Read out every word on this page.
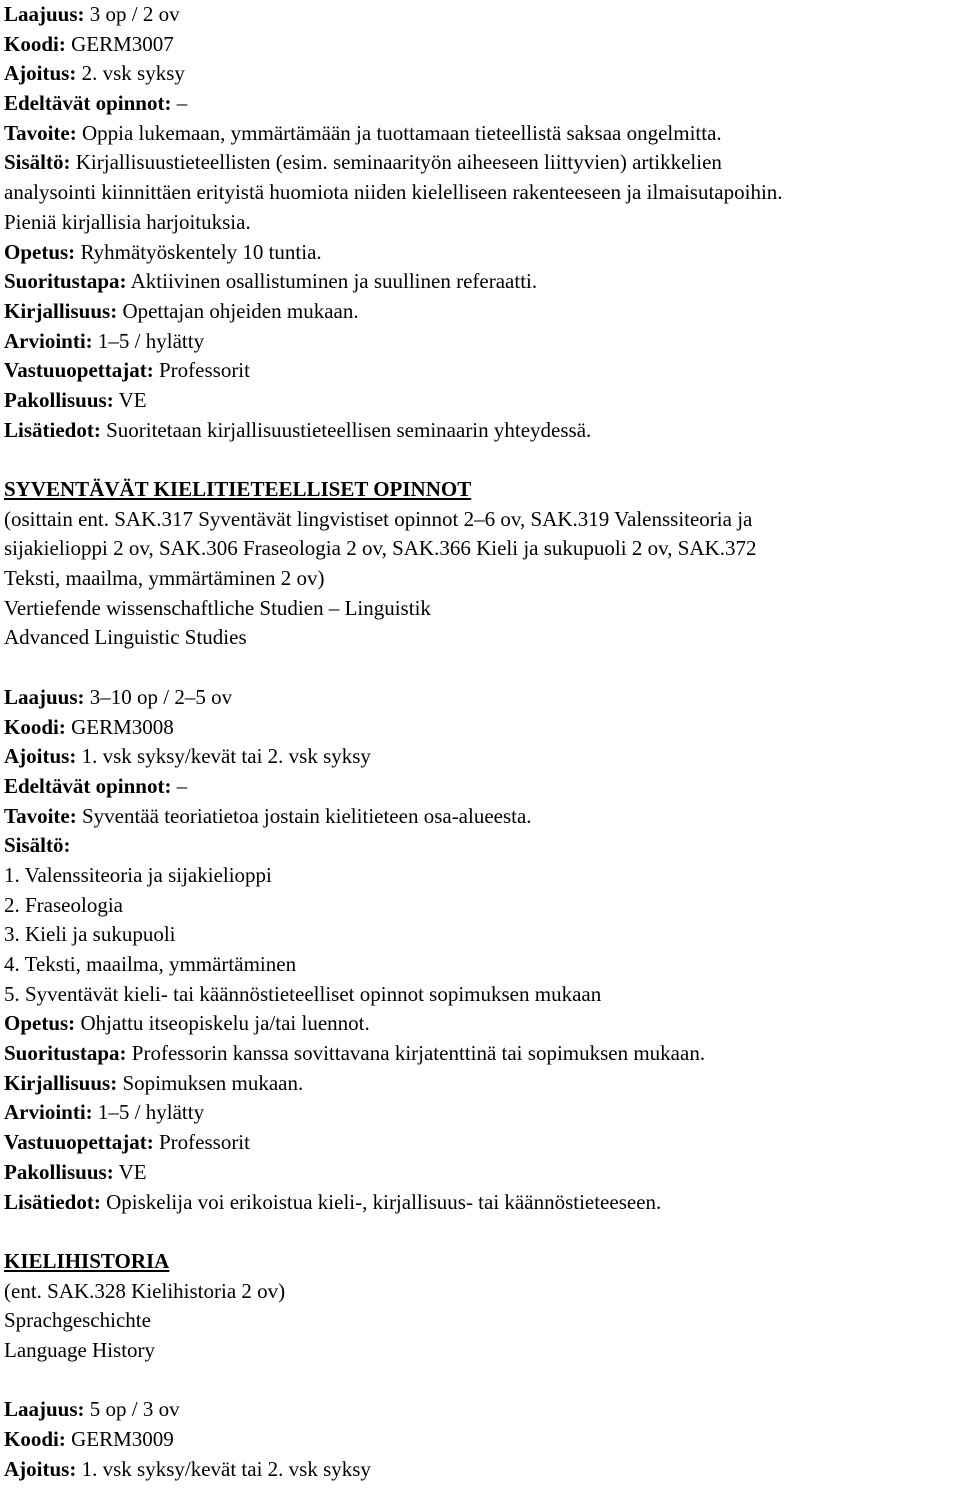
Laajuus: 3 op / 2 ov
Koodi: GERM3007
Ajoitus: 2. vsk syksy
Edeltävät opinnot: –
Tavoite: Oppia lukemaan, ymmärtämään ja tuottamaan tieteellistä saksaa ongelmitta.
Sisältö: Kirjallisuustieteellisten (esim. seminaarityön aiheeseen liittyvien) artikkelien
analysointi kiinnittäen erityistä huomiota niiden kielelliseen rakenteeseen ja ilmaisutapoihin.
Pieniä kirjallisia harjoituksia.
Opetus: Ryhmätyöskentely 10 tuntia.
Suoritustapa: Aktiivinen osallistuminen ja suullinen referaatti.
Kirjallisuus: Opettajan ohjeiden mukaan.
Arviointi: 1–5 / hylätty
Vastuuopettajat: Professorit
Pakollisuus: VE
Lisätiedot: Suoritetaan kirjallisuustieteellisen seminaarin yhteydessä.
SYVENTÄVÄT KIELITIETEELLISET OPINNOT
(osittain ent. SAK.317 Syventävät lingvistiset opinnot 2–6 ov, SAK.319 Valenssiteoria ja
sijakielioppi 2 ov, SAK.306 Fraseologia 2 ov, SAK.366 Kieli ja sukupuoli 2 ov, SAK.372
Teksti, maailma, ymmärtäminen 2 ov)
Vertiefende wissenschaftliche Studien – Linguistik
Advanced Linguistic Studies
Laajuus: 3–10 op / 2–5 ov
Koodi: GERM3008
Ajoitus: 1. vsk syksy/kevät tai 2. vsk syksy
Edeltävät opinnot: –
Tavoite: Syventää teoriatietoa jostain kielitieteen osa-alueesta.
Sisältö:
1. Valenssiteoria ja sijakielioppi
2. Fraseologia
3. Kieli ja sukupuoli
4. Teksti, maailma, ymmärtäminen
5. Syventävät kieli- tai käännöstieteelliset opinnot sopimuksen mukaan
Opetus: Ohjattu itseopiskelu ja/tai luennot.
Suoritustapa: Professorin kanssa sovittavana kirjatenttinä tai sopimuksen mukaan.
Kirjallisuus: Sopimuksen mukaan.
Arviointi: 1–5 / hylätty
Vastuuopettajat: Professorit
Pakollisuus: VE
Lisätiedot: Opiskelija voi erikoistua kieli-, kirjallisuus- tai käännöstieteeseen.
KIELIHISTORIA
(ent. SAK.328 Kielihistoria 2 ov)
Sprachgeschichte
Language History
Laajuus: 5 op / 3 ov
Koodi: GERM3009
Ajoitus: 1. vsk syksy/kevät tai 2. vsk syksy
